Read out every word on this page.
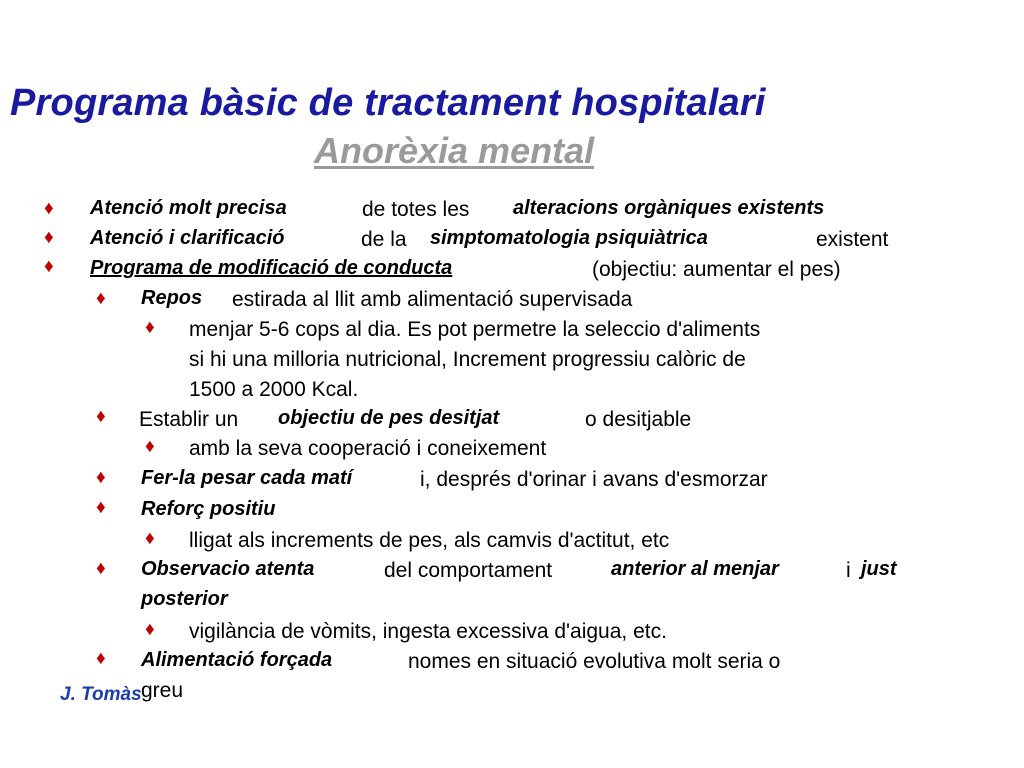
Programa bàsic de tractament hospitalari
Anorèxia mental
♦ Atenció molt precisa	de totes les alteracions orgàniques existents
♦ Atenció i clarificació	de la simptomatologia psiquiàtrica	existent
♦ Programa de modificació de conducta	(objectiu: aumentar el pes)
♦ Repos estirada al llit amb alimentació supervisada
♦ menjar 5-6 cops al dia. Es pot permetre la seleccio d'aliments
si hi una milloria nutricional, Increment progressiu calòric de
1500 a 2000 Kcal.
♦ Establir un objectiu de pes desitjat	o desitjable
♦ amb la seva cooperació i coneixement
♦ Fer-la pesar cada matí	i, després d'orinar i avans d'esmorzar
♦ Reforç positiu
♦ lligat als increments de pes, als camvis d'actitut, etc
♦ Observacio atenta	del comportament	anterior al menjar	i just
posterior
♦ vigilància de vòmits, ingesta excessiva d'aigua, etc.
♦ Alimentació forçada	nomes en situació evolutiva molt seria o
J. Tomàs greu
